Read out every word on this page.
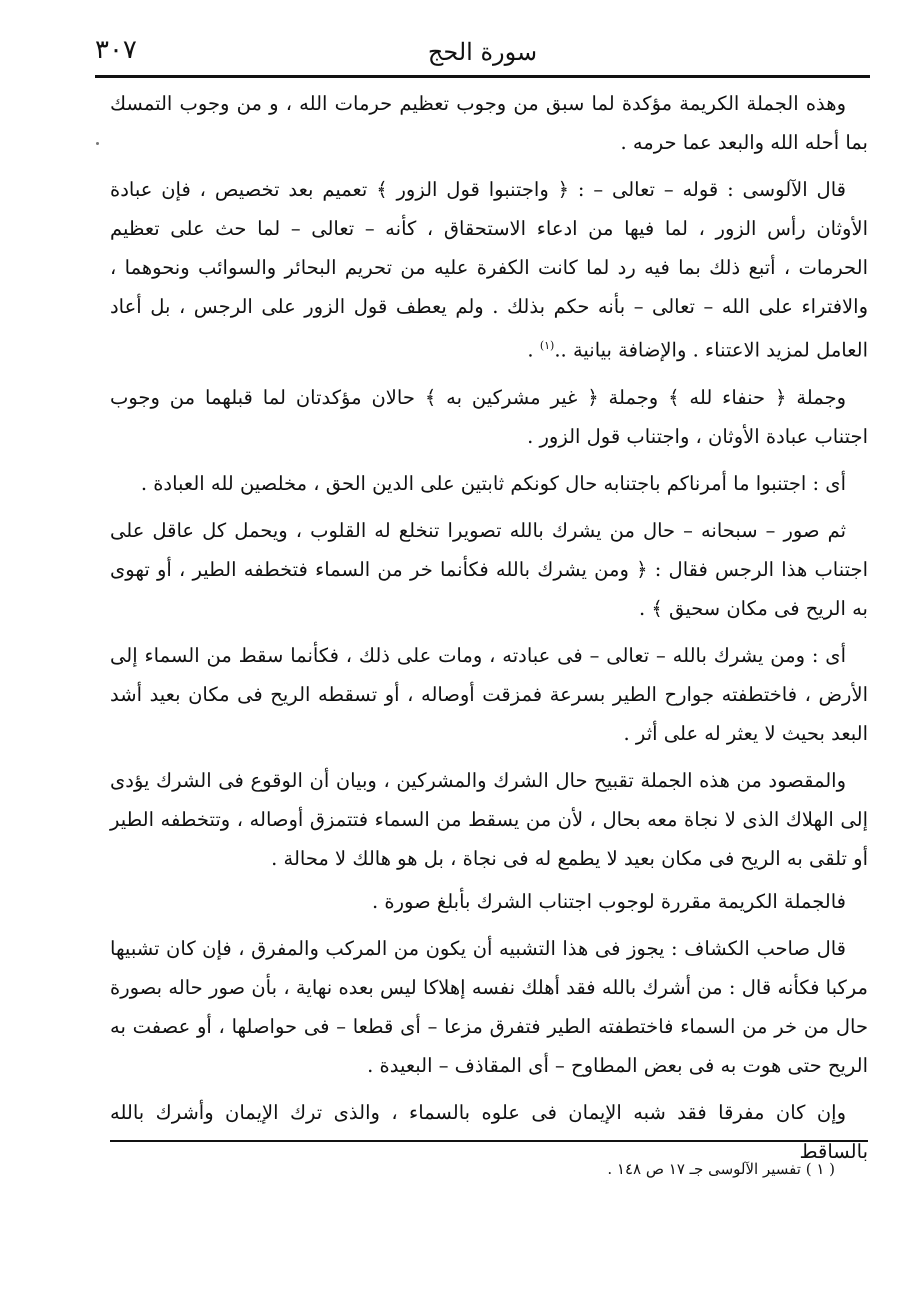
سورة الحج
٣٠٧

وهذه الجملة الكريمة مؤكدة لما سبق من وجوب تعظيم حرمات الله ، و من وجوب التمسك بما أحله الله والبعد عما حرمه .

قال الآلوسى : قوله – تعالى – : ﴿ واجتنبوا قول الزور ﴾ تعميم بعد تخصيص ، فإن عبادة الأوثان رأس الزور ، لما فيها من ادعاء الاستحقاق ، كأنه – تعالى – لما حث على تعظيم الحرمات ، أتبع ذلك بما فيه رد لما كانت الكفرة عليه من تحريم البحائر والسوائب ونحوهما ، والافتراء على الله – تعالى – بأنه حكم بذلك . ولم يعطف قول الزور على الرجس ، بل أعاد العامل لمزيد الاعتناء . والإضافة بيانية ..$^{(١)}$ .

وجملة ﴿ حنفاء لله ﴾ وجملة ﴿ غير مشركين به ﴾ حالان مؤكدتان لما قبلهما من وجوب اجتناب عبادة الأوثان ، واجتناب قول الزور .

أى : اجتنبوا ما أمرناكم باجتنابه حال كونكم ثابتين على الدين الحق ، مخلصين لله العبادة .

ثم صور – سبحانه – حال من يشرك بالله تصويرا تنخلع له القلوب ، ويحمل كل عاقل على اجتناب هذا الرجس فقال : ﴿ ومن يشرك بالله فكأنما خر من السماء فتخطفه الطير ، أو تهوى به الريح فى مكان سحيق ﴾ .

أى : ومن يشرك بالله – تعالى – فى عبادته ، ومات على ذلك ، فكأنما سقط من السماء إلى الأرض ، فاختطفته جوارح الطير بسرعة فمزقت أوصاله ، أو تسقطه الريح فى مكان بعيد أشد البعد بحيث لا يعثر له على أثر .

والمقصود من هذه الجملة تقبيح حال الشرك والمشركين ، وبيان أن الوقوع فى الشرك يؤدى إلى الهلاك الذى لا نجاة معه بحال ، لأن من يسقط من السماء فتتمزق أوصاله ، وتتخطفه الطير أو تلقى به الريح فى مكان بعيد لا يطمع له فى نجاة ، بل هو هالك لا محالة .

فالجملة الكريمة مقررة لوجوب اجتناب الشرك بأبلغ صورة .

قال صاحب الكشاف : يجوز فى هذا التشبيه أن يكون من المركب والمفرق ، فإن كان تشبيها مركبا فكأنه قال : من أشرك بالله فقد أهلك نفسه إهلاكا ليس بعده نهاية ، بأن صور حاله بصورة حال من خر من السماء فاختطفته الطير فتفرق مزعا – أى قطعا – فى حواصلها ، أو عصفت به الريح حتى هوت به فى بعض المطاوح – أى المقاذف – البعيدة .

وإن كان مفرقا فقد شبه الإيمان فى علوه بالسماء ، والذى ترك الإيمان وأشرك بالله بالساقط

( ١ ) تفسير الآلوسى جـ ١٧ ص ١٤٨ .
